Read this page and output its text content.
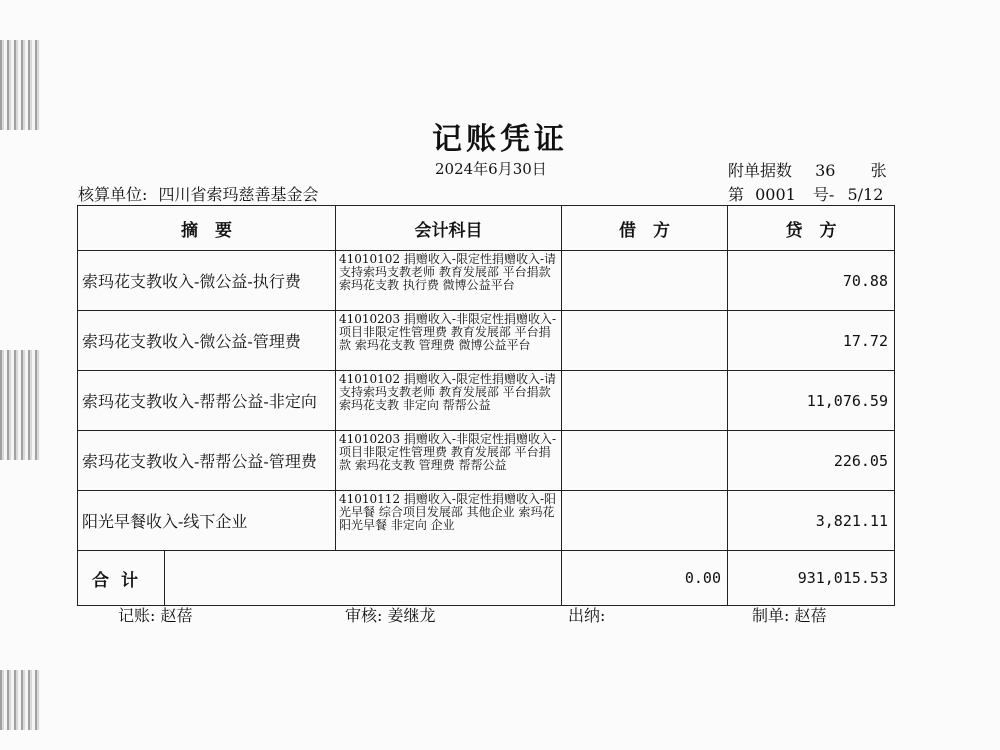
记账凭证
2024年6月30日	附单据数 36 张
核算单位: 四川省索玛慈善基金会	第 0001 号- 5/12
摘　要		会计科目	借　方	贷　方
索玛花支教收入-微公益-执行费		41010102 捐赠收入-限定性捐赠收入-请支持索玛支教老师 教育发展部 平台捐款 索玛花支教 执行费 微博公益平台		70.88
索玛花支教收入-微公益-管理费		41010203 捐赠收入-非限定性捐赠收入-项目非限定性管理费 教育发展部 平台捐款 索玛花支教 管理费 微博公益平台		17.72
索玛花支教收入-帮帮公益-非定向		41010102 捐赠收入-限定性捐赠收入-请支持索玛支教老师 教育发展部 平台捐款 索玛花支教 非定向 帮帮公益		11,076.59
索玛花支教收入-帮帮公益-管理费		41010203 捐赠收入-非限定性捐赠收入-项目非限定性管理费 教育发展部 平台捐款 索玛花支教 管理费 帮帮公益		226.05
阳光早餐收入-线下企业		41010112 捐赠收入-限定性捐赠收入-阳光早餐 综合项目发展部 其他企业 索玛花阳光早餐 非定向 企业		3,821.11
合计			0.00	931,015.53
记账: 赵蓓	审核: 姜继龙	出纳:	制单: 赵蓓
